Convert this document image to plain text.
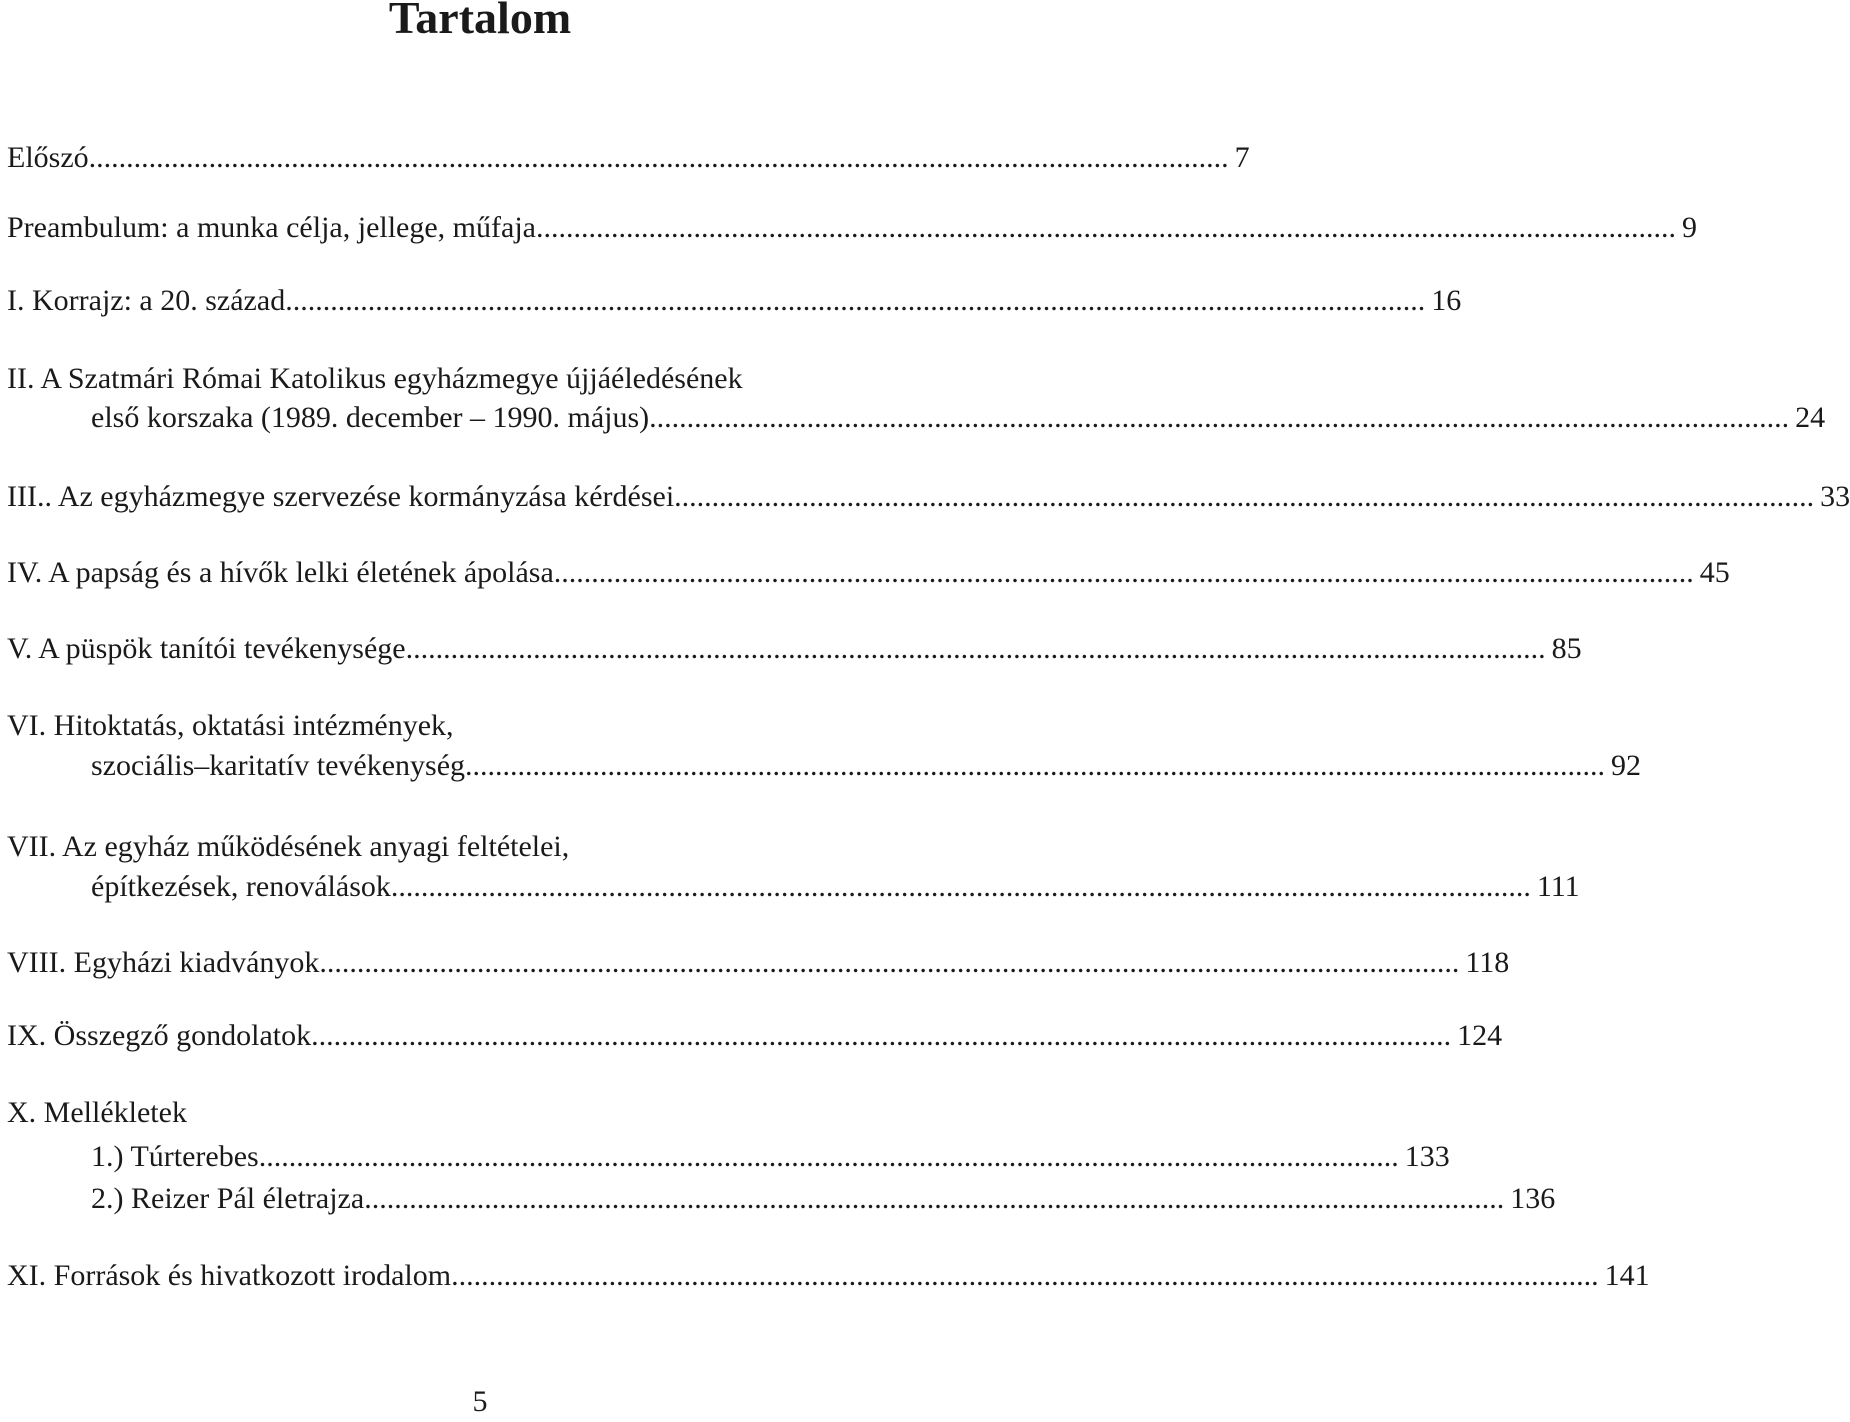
Tartalom
Előszó ........................................................................................................................................................ 7
Preambulum: a munka célja, jellege, műfaja ........................................................................................................................................................ 9
I. Korrajz: a 20. század ........................................................................................................................................................ 16
II. A Szatmári Római Katolikus egyházmegye újjáéledésének
első korszaka (1989. december – 1990. május) ........................................................................................................................................................ 24
III.. Az egyházmegye szervezése kormányzása kérdései ........................................................................................................................................................ 33
IV. A papság és a hívők lelki életének ápolása ........................................................................................................................................................ 45
V. A püspök tanítói tevékenysége ........................................................................................................................................................ 85
VI. Hitoktatás, oktatási intézmények,
szociális–karitatív tevékenység ........................................................................................................................................................ 92
VII. Az egyház működésének anyagi feltételei,
építkezések, renoválások ........................................................................................................................................................ 111
VIII. Egyházi kiadványok ........................................................................................................................................................ 118
IX. Összegző gondolatok ........................................................................................................................................................ 124
X. Mellékletek
1.) Túrterebes ........................................................................................................................................................ 133
2.) Reizer Pál életrajza ........................................................................................................................................................ 136
XI. Források és hivatkozott irodalom. ........................................................................................................................................................ 141
5
